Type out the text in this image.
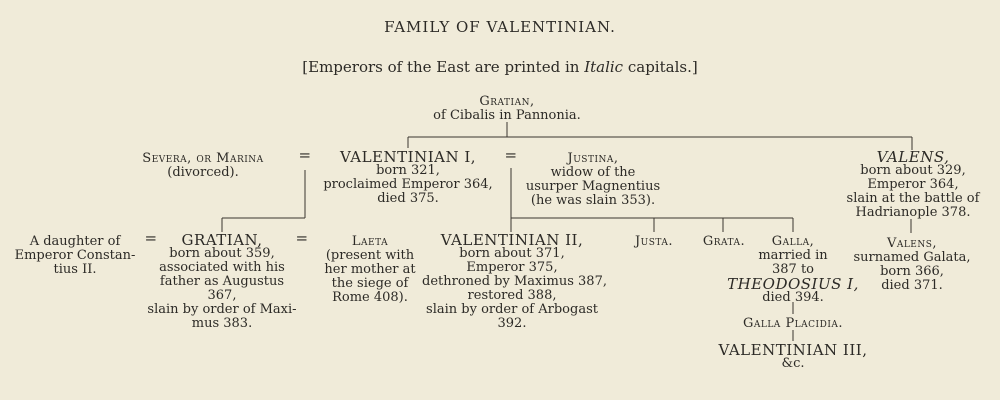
FAMILY OF VALENTINIAN.
[Emperors of the East are printed in Italic capitals.]
Gratian,
of Cibalis in Pannonia.
Severa, or Marina
(divorced).
=	VALENTINIAN I,
born 321,
proclaimed Emperor 364,
died 375.
=	Justina,
widow of the
usurper Magnentius
(he was slain 353).
VALENS,
born about 329,
Emperor 364,
slain at the battle of
Hadrianople 378.
A daughter of
Emperor Constan-
tius II.
=	GRATIAN,
born about 359,
associated with his
father as Augustus
367,
slain by order of Maxi-
mus 383.
=	Laeta
(present with
her mother at
the siege of
Rome 408).
VALENTINIAN II,
born about 371,
Emperor 375,
dethroned by Maximus 387,
restored 388,
slain by order of Arbogast
392.
Justa.	Grata.	Galla,
married in
387 to
THEODOSIUS I,
died 394.
Valens,
surnamed Galata,
born 366,
died 371.
Galla Placidia.
VALENTINIAN III,
&c.
